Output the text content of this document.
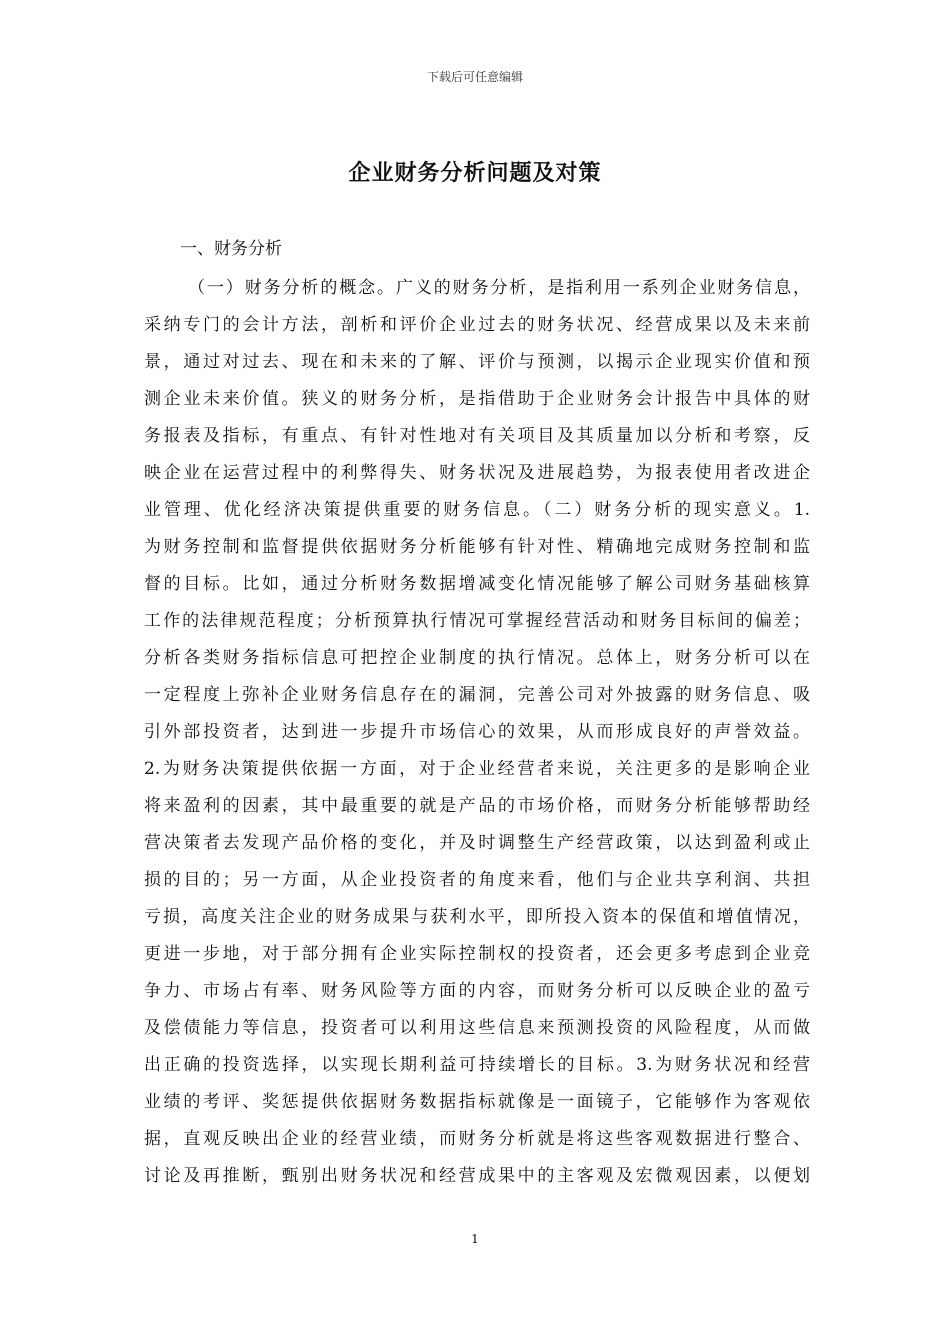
下载后可任意编辑
企业财务分析问题及对策
一、财务分析
（一）财务分析的概念。广义的财务分析，是指利用一系列企业财务信息，
采纳专门的会计方法，剖析和评价企业过去的财务状况、经营成果以及未来前
景，通过对过去、现在和未来的了解、评价与预测，以揭示企业现实价值和预
测企业未来价值。狭义的财务分析，是指借助于企业财务会计报告中具体的财
务报表及指标，有重点、有针对性地对有关项目及其质量加以分析和考察，反
映企业在运营过程中的利弊得失、财务状况及进展趋势，为报表使用者改进企
业管理、优化经济决策提供重要的财务信息。（二）财务分析的现实意义。1.
为财务控制和监督提供依据财务分析能够有针对性、精确地完成财务控制和监
督的目标。比如，通过分析财务数据增减变化情况能够了解公司财务基础核算
工作的法律规范程度；分析预算执行情况可掌握经营活动和财务目标间的偏差；
分析各类财务指标信息可把控企业制度的执行情况。总体上，财务分析可以在
一定程度上弥补企业财务信息存在的漏洞，完善公司对外披露的财务信息、吸
引外部投资者，达到进一步提升市场信心的效果，从而形成良好的声誉效益。
2.为财务决策提供依据一方面，对于企业经营者来说，关注更多的是影响企业
将来盈利的因素，其中最重要的就是产品的市场价格，而财务分析能够帮助经
营决策者去发现产品价格的变化，并及时调整生产经营政策，以达到盈利或止
损的目的；另一方面，从企业投资者的角度来看，他们与企业共享利润、共担
亏损，高度关注企业的财务成果与获利水平，即所投入资本的保值和增值情况，
更进一步地，对于部分拥有企业实际控制权的投资者，还会更多考虑到企业竞
争力、市场占有率、财务风险等方面的内容，而财务分析可以反映企业的盈亏
及偿债能力等信息，投资者可以利用这些信息来预测投资的风险程度，从而做
出正确的投资选择，以实现长期利益可持续增长的目标。3.为财务状况和经营
业绩的考评、奖惩提供依据财务数据指标就像是一面镜子，它能够作为客观依
据，直观反映出企业的经营业绩，而财务分析就是将这些客观数据进行整合、
讨论及再推断，甄别出财务状况和经营成果中的主客观及宏微观因素，以便划
1
